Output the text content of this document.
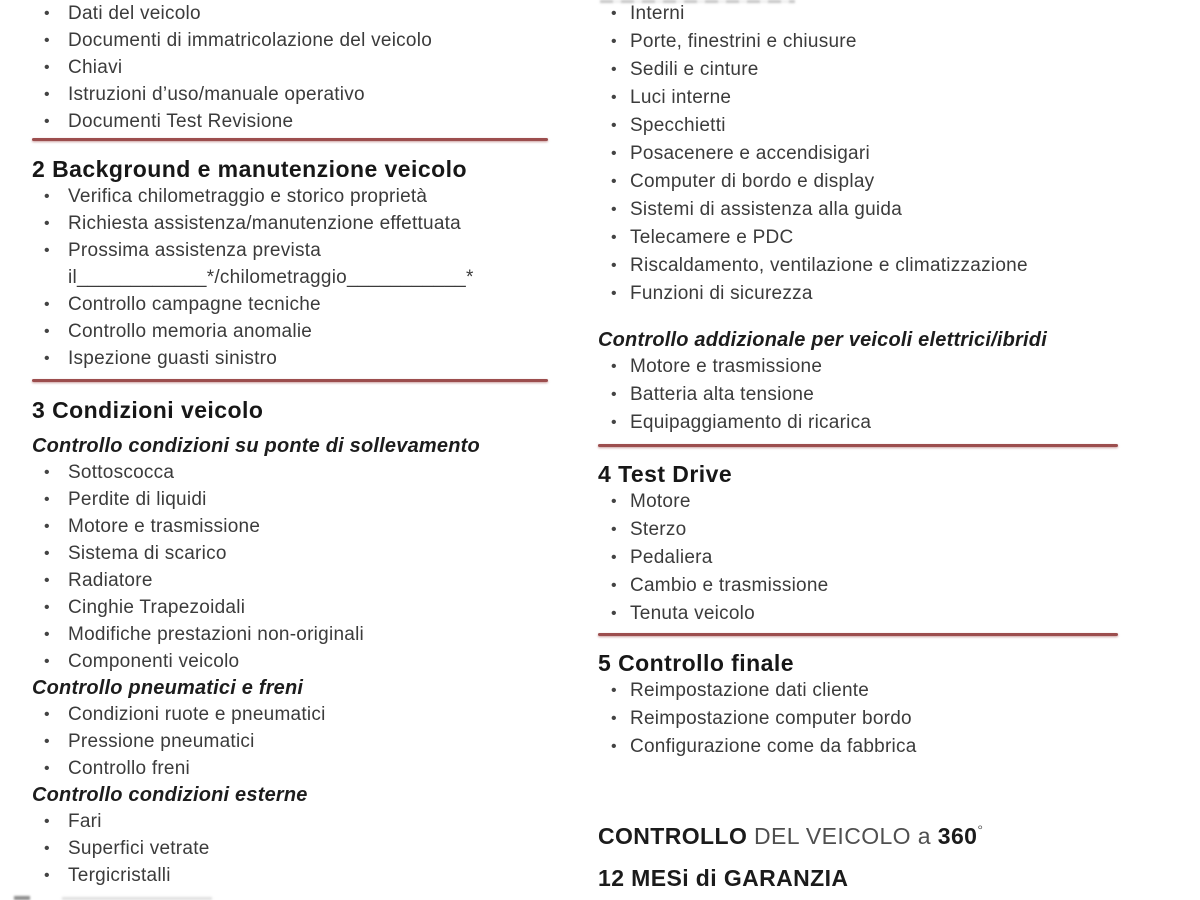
• Dati del veicolo
• Documenti di immatricolazione del veicolo
• Chiavi
• Istruzioni d’uso/manuale operativo
• Documenti Test Revisione
2 Background e manutenzione veicolo
• Verifica chilometraggio e storico proprietà
• Richiesta assistenza/manutenzione effettuata
• Prossima assistenza prevista
il____________*/chilometraggio___________*
• Controllo campagne tecniche
• Controllo memoria anomalie
• Ispezione guasti sinistro
3 Condizioni veicolo
Controllo condizioni su ponte di sollevamento
• Sottoscocca
• Perdite di liquidi
• Motore e trasmissione
• Sistema di scarico
• Radiatore
• Cinghie Trapezoidali
• Modifiche prestazioni non-originali
• Componenti veicolo
Controllo pneumatici e freni
• Condizioni ruote e pneumatici
• Pressione pneumatici
• Controllo freni
Controllo condizioni esterne
• Fari
• Superfici vetrate
• Tergicristalli
• Interni
• Porte, finestrini e chiusure
• Sedili e cinture
• Luci interne
• Specchietti
• Posacenere e accendisigari
• Computer di bordo e display
• Sistemi di assistenza alla guida
• Telecamere e PDC
• Riscaldamento, ventilazione e climatizzazione
• Funzioni di sicurezza
Controllo addizionale per veicoli elettrici/ibridi
• Motore e trasmissione
• Batteria alta tensione
• Equipaggiamento di ricarica
4 Test Drive
• Motore
• Sterzo
• Pedaliera
• Cambio e trasmissione
• Tenuta veicolo
5 Controllo finale
• Reimpostazione dati cliente
• Reimpostazione computer bordo
• Configurazione come da fabbrica
CONTROLLO DEL VEICOLO a 360°
12 MESi di GARANZIA
